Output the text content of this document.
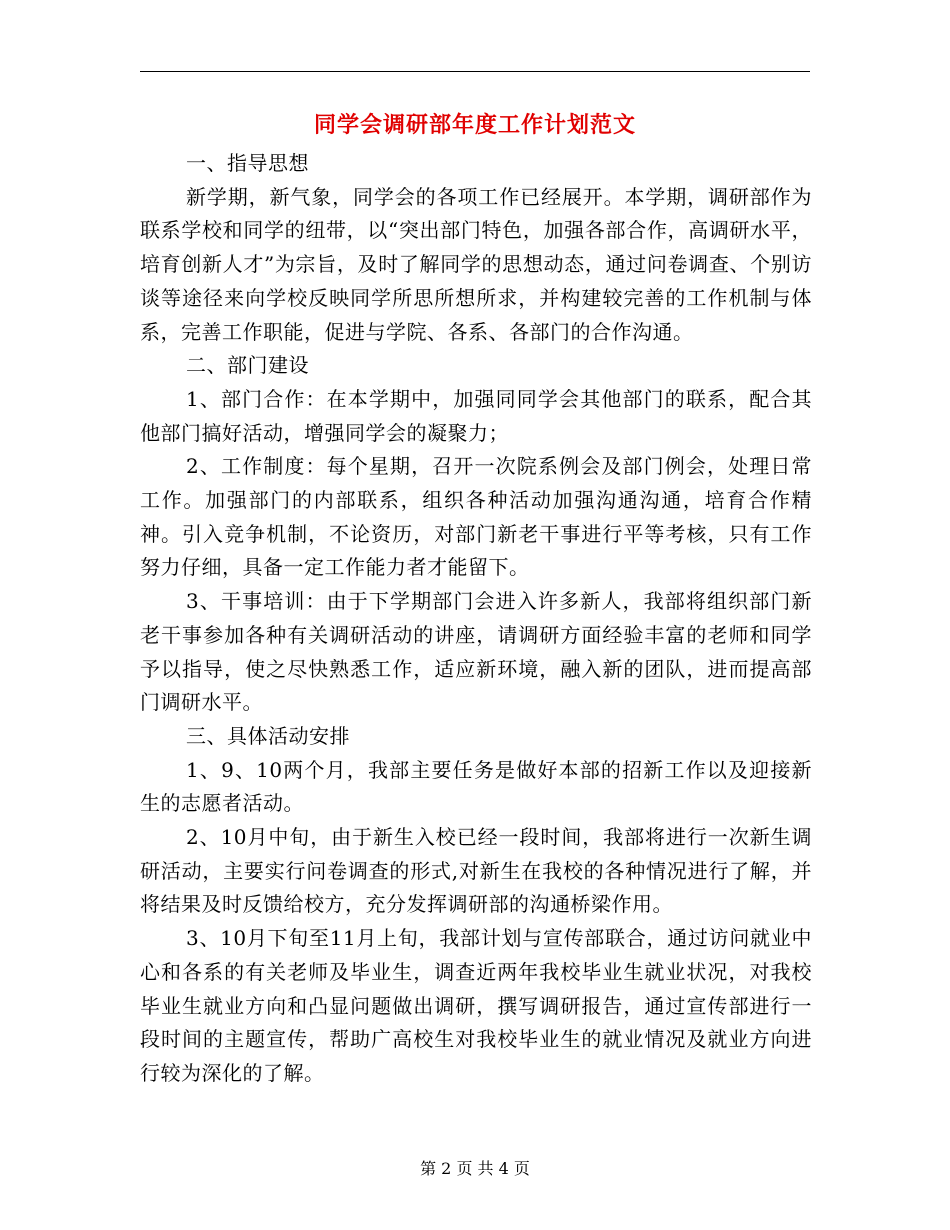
同学会调研部年度工作计划范文

一、指导思想

新学期，新气象，同学会的各项工作已经展开。本学期，调研部作为联系学校和同学的纽带，以“突出部门特色，加强各部合作，高调研水平，培育创新人才”为宗旨，及时了解同学的思想动态，通过问卷调查、个别访谈等途径来向学校反映同学所思所想所求，并构建较完善的工作机制与体系，完善工作职能，促进与学院、各系、各部门的合作沟通。

二、部门建设

1、部门合作：在本学期中，加强同同学会其他部门的联系，配合其他部门搞好活动，增强同学会的凝聚力；

2、工作制度：每个星期，召开一次院系例会及部门例会，处理日常工作。加强部门的内部联系，组织各种活动加强沟通沟通，培育合作精神。引入竞争机制，不论资历，对部门新老干事进行平等考核，只有工作努力仔细，具备一定工作能力者才能留下。

3、干事培训：由于下学期部门会进入许多新人，我部将组织部门新老干事参加各种有关调研活动的讲座，请调研方面经验丰富的老师和同学予以指导，使之尽快熟悉工作，适应新环境，融入新的团队，进而提高部门调研水平。

三、具体活动安排

1、9、10两个月，我部主要任务是做好本部的招新工作以及迎接新生的志愿者活动。

2、10月中旬，由于新生入校已经一段时间，我部将进行一次新生调研活动，主要实行问卷调查的形式,对新生在我校的各种情况进行了解，并将结果及时反馈给校方，充分发挥调研部的沟通桥梁作用。

3、10月下旬至11月上旬，我部计划与宣传部联合，通过访问就业中心和各系的有关老师及毕业生，调查近两年我校毕业生就业状况，对我校毕业生就业方向和凸显问题做出调研，撰写调研报告，通过宣传部进行一段时间的主题宣传，帮助广高校生对我校毕业生的就业情况及就业方向进行较为深化的了解。

第 2 页 共 4 页
